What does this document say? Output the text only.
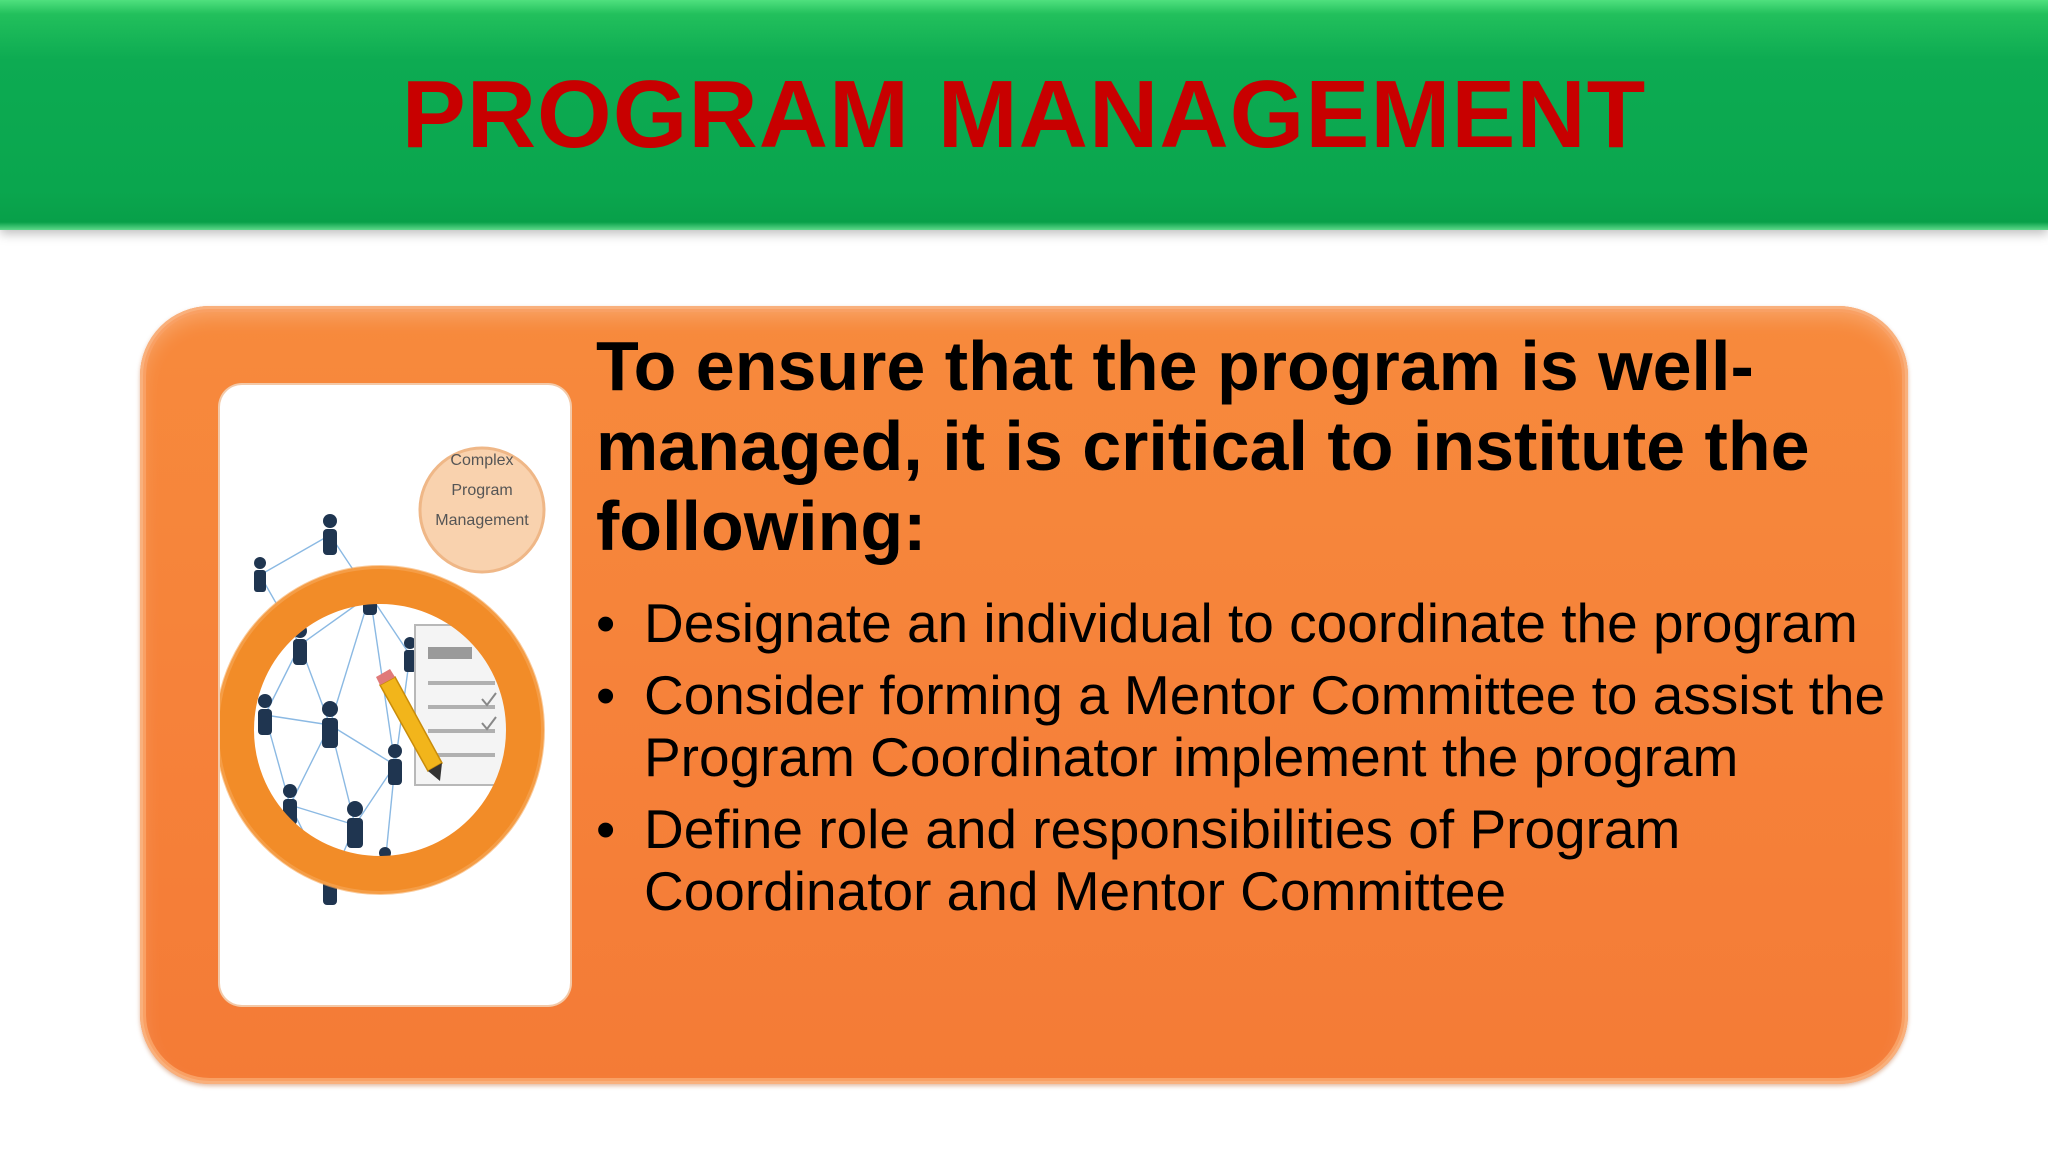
PROGRAM MANAGEMENT
Complex
Program
Management

To ensure that the program is well-managed, it is critical to institute the following:

• Designate an individual to coordinate the program
• Consider forming a Mentor Committee to assist the Program Coordinator implement the program
• Define role and responsibilities of Program Coordinator and Mentor Committee
